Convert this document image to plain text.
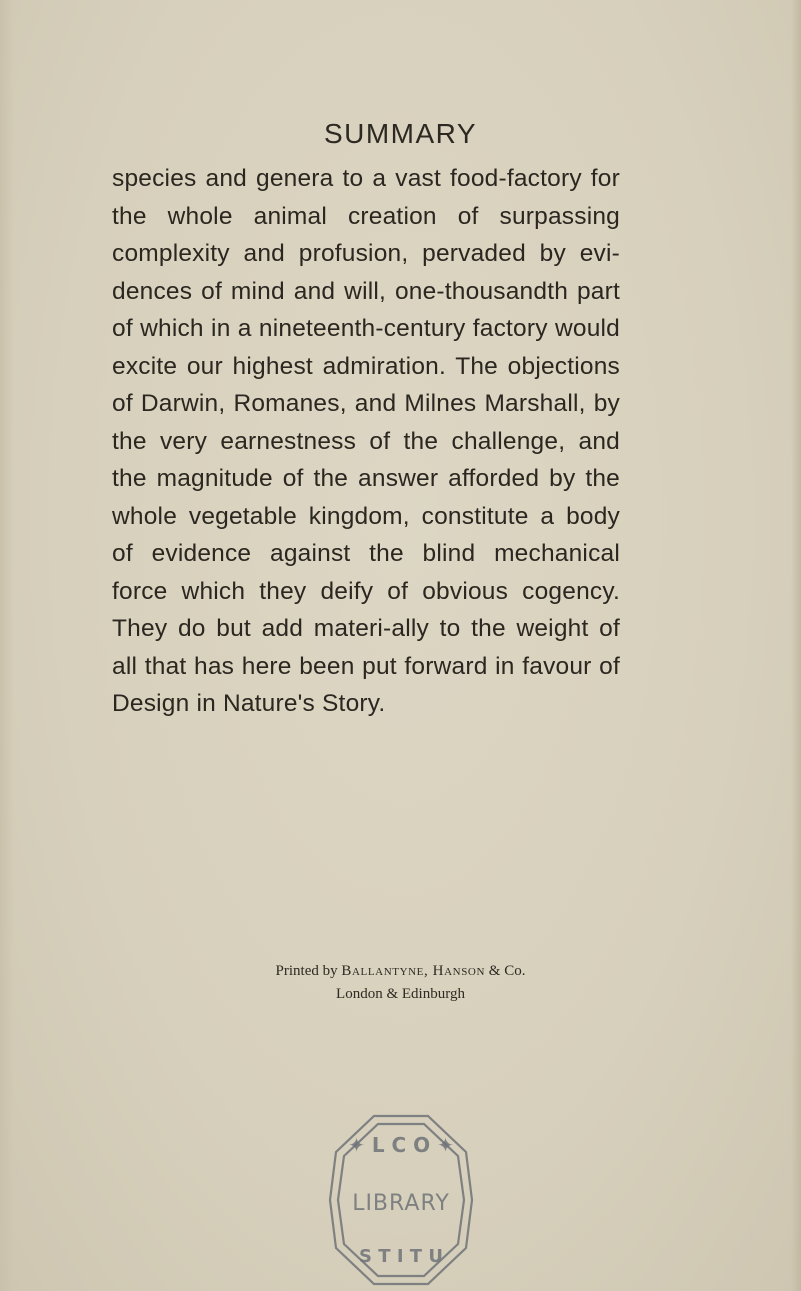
SUMMARY

species and genera to a vast food-factory for the whole animal creation of surpassing complexity and profusion, pervaded by evi-dences of mind and will, one-thousandth part of which in a nineteenth-century factory would excite our highest admiration. The objections of Darwin, Romanes, and Milnes Marshall, by the very earnestness of the challenge, and the magnitude of the answer afforded by the whole vegetable kingdom, constitute a body of evidence against the blind mechanical force which they deify of obvious cogency. They do but add materi-ally to the weight of all that has here been put forward in favour of Design in Nature's Story.

Printed by Ballantyne, Hanson & Co.
London & Edinburgh
✦ L C O ✦
LIBRARY
S T I T U
